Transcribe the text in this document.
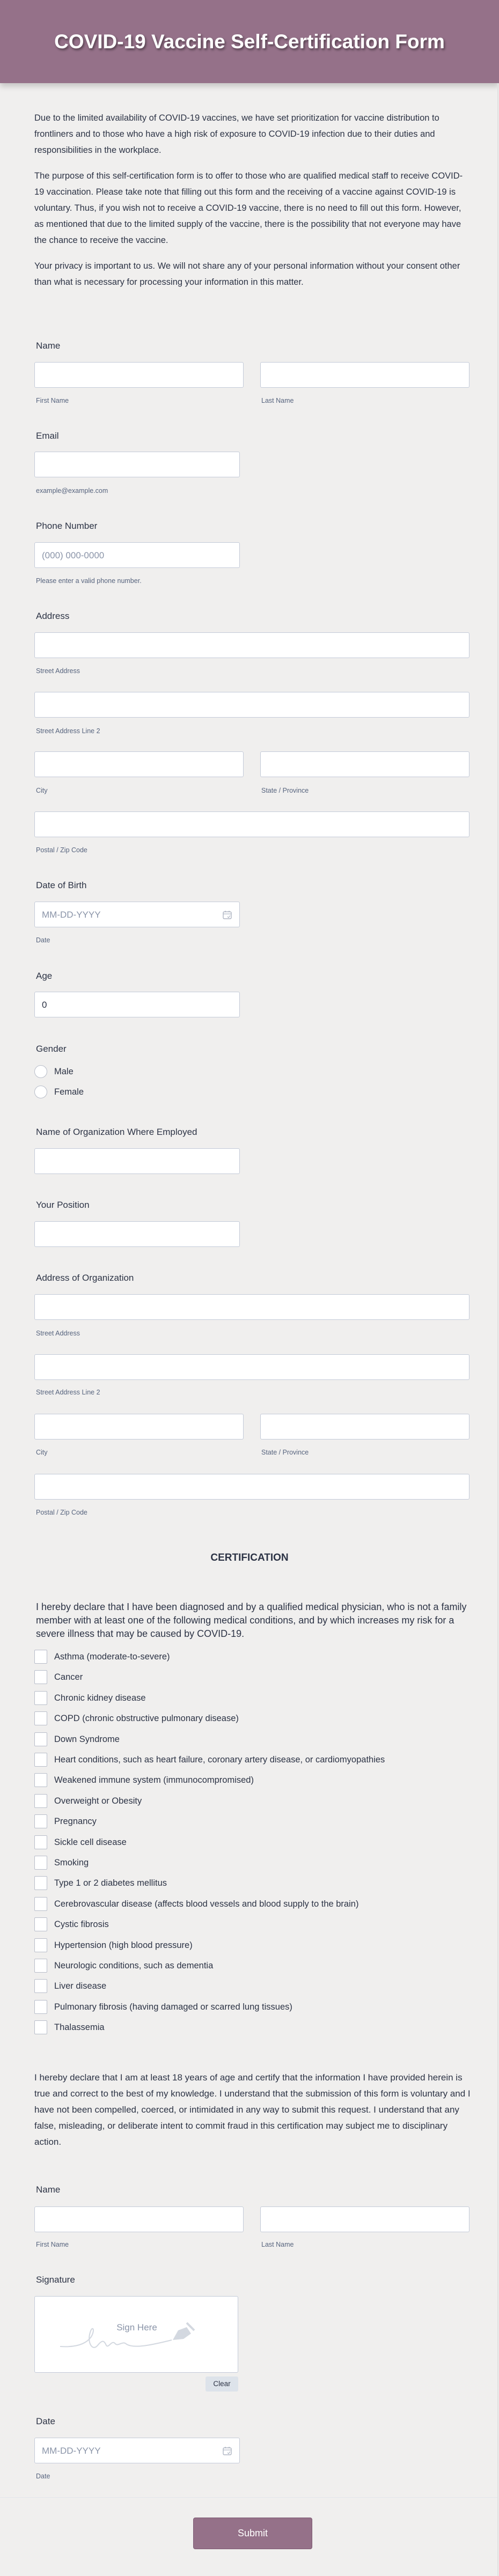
COVID-19 Vaccine Self-Certification Form

Due to the limited availability of COVID-19 vaccines, we have set prioritization for vaccine distribution to frontliners and to those who have a high risk of exposure to COVID-19 infection due to their duties and responsibilities in the workplace.

The purpose of this self-certification form is to offer to those who are qualified medical staff to receive COVID-19 vaccination. Please take note that filling out this form and the receiving of a vaccine against COVID-19 is voluntary. Thus, if you wish not to receive a COVID-19 vaccine, there is no need to fill out this form. However, as mentioned that due to the limited supply of the vaccine, there is the possibility that not everyone may have the chance to receive the vaccine.

Your privacy is important to us. We will not share any of your personal information without your consent other than what is necessary for processing your information in this matter.

Name
First Name	Last Name
Email
example@example.com
Phone Number
(000) 000-0000
Please enter a valid phone number.
Address
Street Address
Street Address Line 2
City	State / Province
Postal / Zip Code
Date of Birth
MM-DD-YYYY
Date
Age
0
Gender
Male
Female
Name of Organization Where Employed
Your Position
Address of Organization
Street Address
Street Address Line 2
City	State / Province
Postal / Zip Code
CERTIFICATION

I hereby declare that I have been diagnosed and by a qualified medical physician, who is not a family member with at least one of the following medical conditions, and by which increases my risk for a severe illness that may be caused by COVID-19.

Asthma (moderate-to-severe)
Cancer
Chronic kidney disease
COPD (chronic obstructive pulmonary disease)
Down Syndrome
Heart conditions, such as heart failure, coronary artery disease, or cardiomyopathies
Weakened immune system (immunocompromised)
Overweight or Obesity
Pregnancy
Sickle cell disease
Smoking
Type 1 or 2 diabetes mellitus
Cerebrovascular disease (affects blood vessels and blood supply to the brain)
Cystic fibrosis
Hypertension (high blood pressure)
Neurologic conditions, such as dementia
Liver disease
Pulmonary fibrosis (having damaged or scarred lung tissues)
Thalassemia

I hereby declare that I am at least 18 years of age and certify that the information I have provided herein is true and correct to the best of my knowledge. I understand that the submission of this form is voluntary and I have not been compelled, coerced, or intimidated in any way to submit this request. I understand that any false, misleading, or deliberate intent to commit fraud in this certification may subject me to disciplinary action.

Name
First Name	Last Name
Signature
Sign Here
Clear
Date
MM-DD-YYYY
Date
Submit
